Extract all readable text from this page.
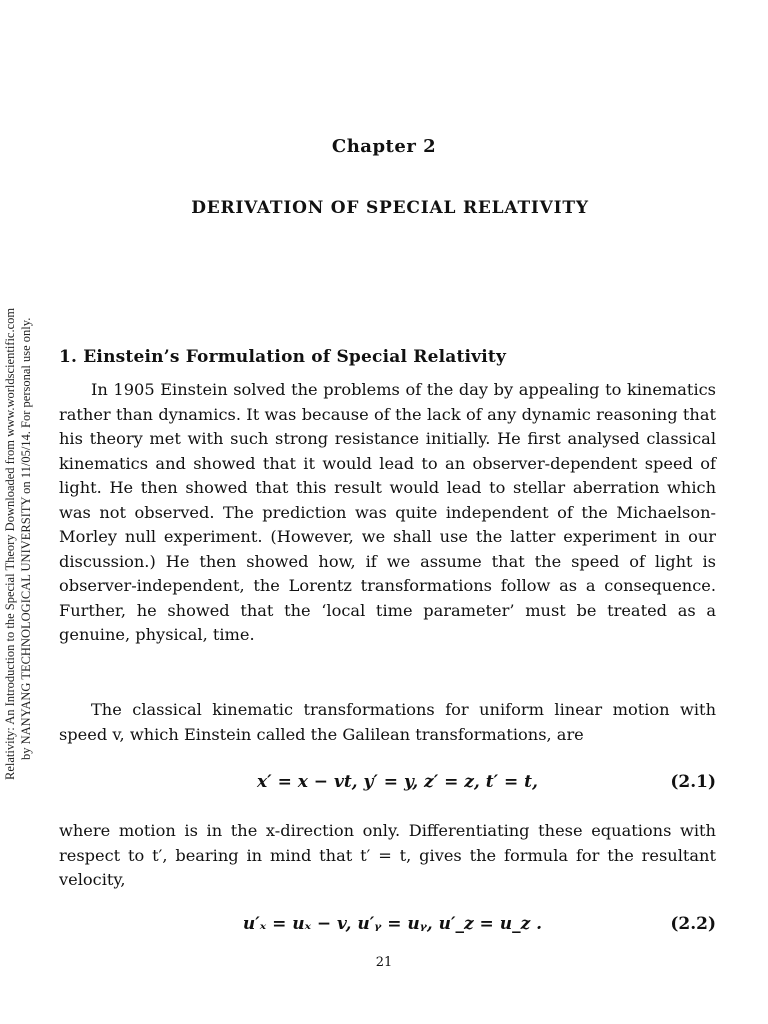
Relativity: An Introduction to the Special Theory Downloaded from www.worldscientific.com by NANYANG TECHNOLOGICAL UNIVERSITY on 11/05/14. For personal use only.
Chapter 2
DERIVATION OF SPECIAL RELATIVITY
1. Einstein’s Formulation of Special Relativity

In 1905 Einstein solved the problems of the day by appealing to kinematics rather than dynamics. It was because of the lack of any dynamic reasoning that his theory met with such strong resistance initially. He first analysed classical kinematics and showed that it would lead to an observer-dependent speed of light. He then showed that this result would lead to stellar aberration which was not observed. The prediction was quite independent of the Michaelson-Morley null experiment. (However, we shall use the latter experiment in our discussion.) He then showed how, if we assume that the speed of light is observer-independent, the Lorentz transformations follow as a consequence. Further, he showed that the ‘local time parameter’ must be treated as a genuine, physical, time.

The classical kinematic transformations for uniform linear motion with speed v, which Einstein called the Galilean transformations, are

x′ = x − vt, y′ = y, z′ = z, t′ = t,	(2.1)

where motion is in the x-direction only. Differentiating these equations with respect to t′, bearing in mind that t′ = t, gives the formula for the resultant velocity,

u′ₓ = uₓ − v, u′ᵧ = uᵧ, u′_z = u_z .	(2.2)
21
